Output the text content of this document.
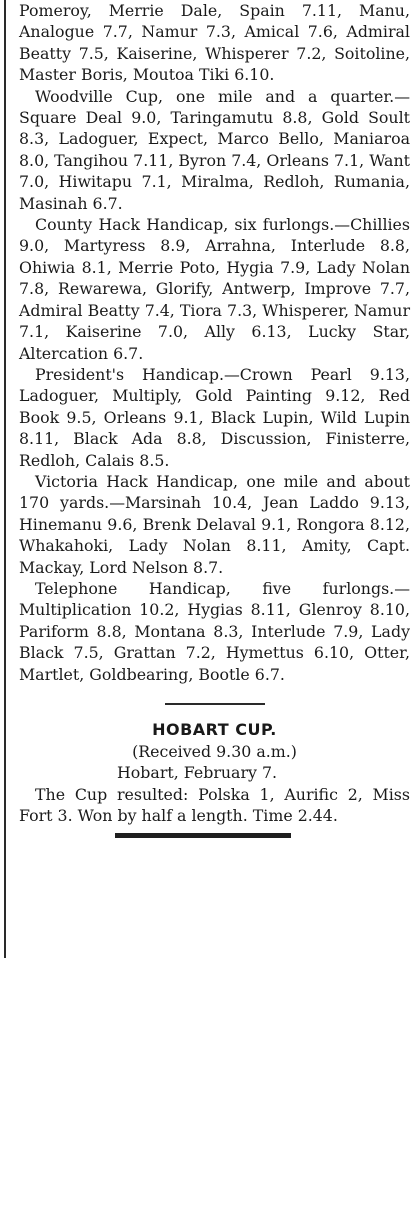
Pomeroy, Merrie Dale, Spain 7.11, Manu, Analogue 7.7, Namur 7.3, Amical 7.6, Admiral Beatty 7.5, Kaiserine, Whisperer 7.2, Soitoline, Master Boris, Moutoa Tiki 6.10.

Woodville Cup, one mile and a quarter.—Square Deal 9.0, Taringamutu 8.8, Gold Soult 8.3, Ladoguer, Expect, Marco Bello, Maniaroa 8.0, Tangihou 7.11, Byron 7.4, Orleans 7.1, Want 7.0, Hiwitapu 7.1, Miralma, Redloh, Rumania, Masinah 6.7.

County Hack Handicap, six furlongs.—Chillies 9.0, Martyress 8.9, Arrahna, Interlude 8.8, Ohiwia 8.1, Merrie Poto, Hygia 7.9, Lady Nolan 7.8, Rewarewa, Glorify, Antwerp, Improve 7.7, Admiral Beatty 7.4, Tiora 7.3, Whisperer, Namur 7.1, Kaiserine 7.0, Ally 6.13, Lucky Star, Altercation 6.7.

President's Handicap.—Crown Pearl 9.13, Ladoguer, Multiply, Gold Painting 9.12, Red Book 9.5, Orleans 9.1, Black Lupin, Wild Lupin 8.11, Black Ada 8.8, Discussion, Finisterre, Redloh, Calais 8.5.

Victoria Hack Handicap, one mile and about 170 yards.—Marsinah 10.4, Jean Laddo 9.13, Hinemanu 9.6, Brenk Delaval 9.1, Rongora 8.12, Whakahoki, Lady Nolan 8.11, Amity, Capt. Mackay, Lord Nelson 8.7.

Telephone Handicap, five furlongs.—Multiplication 10.2, Hygias 8.11, Glenroy 8.10, Pariform 8.8, Montana 8.3, Interlude 7.9, Lady Black 7.5, Grattan 7.2, Hymettus 6.10, Otter, Martlet, Goldbearing, Bootle 6.7.

HOBART CUP.

(Received 9.30 a.m.)

Hobart, February 7.

The Cup resulted: Polska 1, Aurific 2, Miss Fort 3. Won by half a length. Time 2.44.
